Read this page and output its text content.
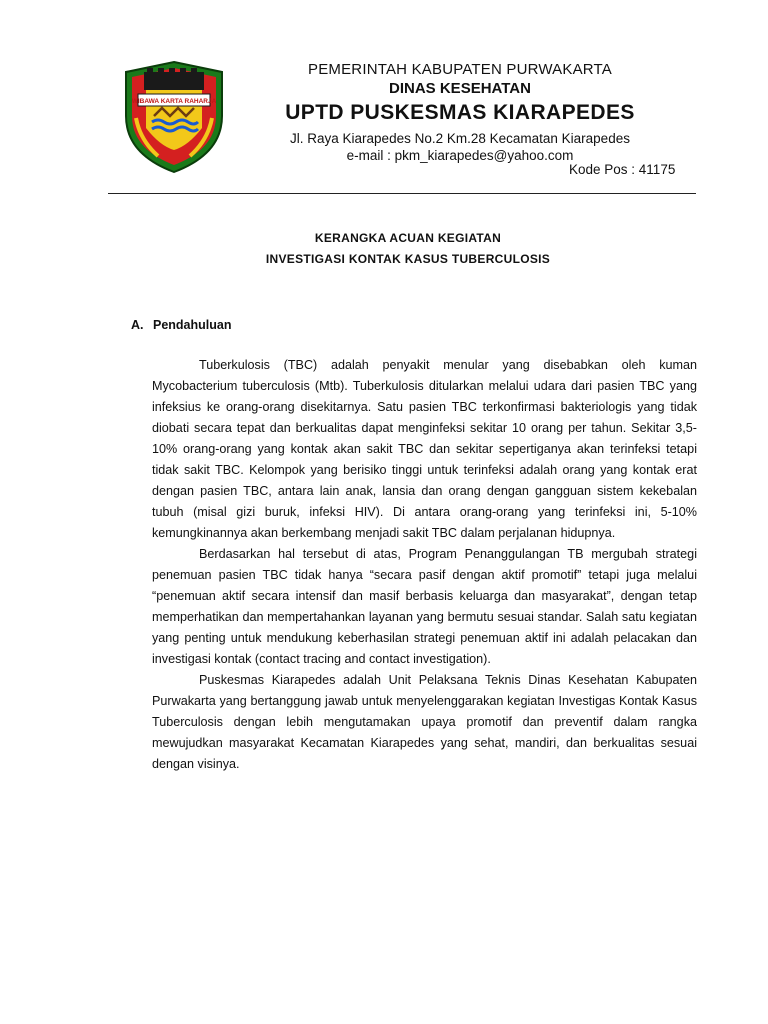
WIBAWA KARTA RAHARJA
PEMERINTAH KABUPATEN PURWAKARTA
DINAS KESEHATAN
UPTD PUSKESMAS KIARAPEDES
Jl. Raya Kiarapedes No.2 Km.28 Kecamatan Kiarapedes
e-mail : pkm_kiarapedes@yahoo.com
Kode Pos : 41175
KERANGKA ACUAN KEGIATAN
INVESTIGASI KONTAK KASUS TUBERCULOSIS
A. Pendahuluan

Tuberkulosis (TBC) adalah penyakit menular yang disebabkan oleh kuman Mycobacterium tuberculosis (Mtb). Tuberkulosis ditularkan melalui udara dari pasien TBC yang infeksius ke orang-orang disekitarnya. Satu pasien TBC terkonfirmasi bakteriologis yang tidak diobati secara tepat dan berkualitas dapat menginfeksi sekitar 10 orang per tahun. Sekitar 3,5-10% orang-orang yang kontak akan sakit TBC dan sekitar sepertiganya akan terinfeksi tetapi tidak sakit TBC. Kelompok yang berisiko tinggi untuk terinfeksi adalah orang yang kontak erat dengan pasien TBC, antara lain anak, lansia dan orang dengan gangguan sistem kekebalan tubuh (misal gizi buruk, infeksi HIV). Di antara orang-orang yang terinfeksi ini, 5-10% kemungkinannya akan berkembang menjadi sakit TBC dalam perjalanan hidupnya.

Berdasarkan hal tersebut di atas, Program Penanggulangan TB mergubah strategi penemuan pasien TBC tidak hanya “secara pasif dengan aktif promotif” tetapi juga melalui “penemuan aktif secara intensif dan masif berbasis keluarga dan masyarakat”, dengan tetap memperhatikan dan mempertahankan layanan yang bermutu sesuai standar. Salah satu kegiatan yang penting untuk mendukung keberhasilan strategi penemuan aktif ini adalah pelacakan dan investigasi kontak (contact tracing and contact investigation).

Puskesmas Kiarapedes adalah Unit Pelaksana Teknis Dinas Kesehatan Kabupaten Purwakarta yang bertanggung jawab untuk menyelenggarakan kegiatan Investigas Kontak Kasus Tuberculosis dengan lebih mengutamakan upaya promotif dan preventif dalam rangka mewujudkan masyarakat Kecamatan Kiarapedes yang sehat, mandiri, dan berkualitas sesuai dengan visinya.
